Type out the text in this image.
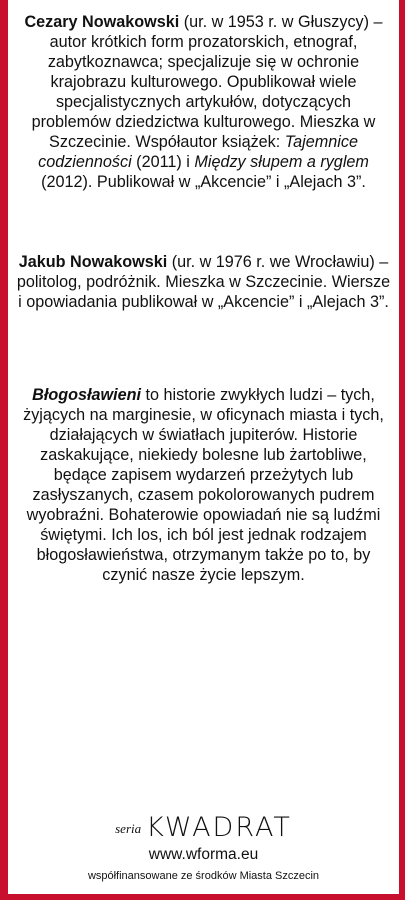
Cezary Nowakowski (ur. w 1953 r. w Głuszycy) – autor krótkich form prozatorskich, etnograf, zabytkoznawca; specjalizuje się w ochronie krajobrazu kulturowego. Opublikował wiele specjalistycznych artykułów, dotyczących problemów dziedzictwa kulturowego. Mieszka w Szczecinie. Współautor książek: Tajemnice codzienności (2011) i Między słupem a ryglem (2012). Publikował w „Akcencie” i „Alejach 3”.

Jakub Nowakowski (ur. w 1976 r. we Wrocławiu) – politolog, podróżnik. Mieszka w Szczecinie. Wiersze i opowiadania publikował w „Akcencie” i „Alejach 3”.

Błogosławieni to historie zwykłych ludzi – tych, żyjących na marginesie, w oficynach miasta i tych, działających w światłach jupiterów. Historie zaskakujące, niekiedy bolesne lub żartobliwe, będące zapisem wydarzeń przeżytych lub zasłyszanych, czasem pokolorowanych pudrem wyobraźni. Bohaterowie opowiadań nie są ludźmi świętymi. Ich los, ich ból jest jednak rodzajem błogosławieństwa, otrzymanym także po to, by czynić nasze życie lepszym.

seria KWADRAT
www.wforma.eu
współfinansowane ze środków Miasta Szczecin
